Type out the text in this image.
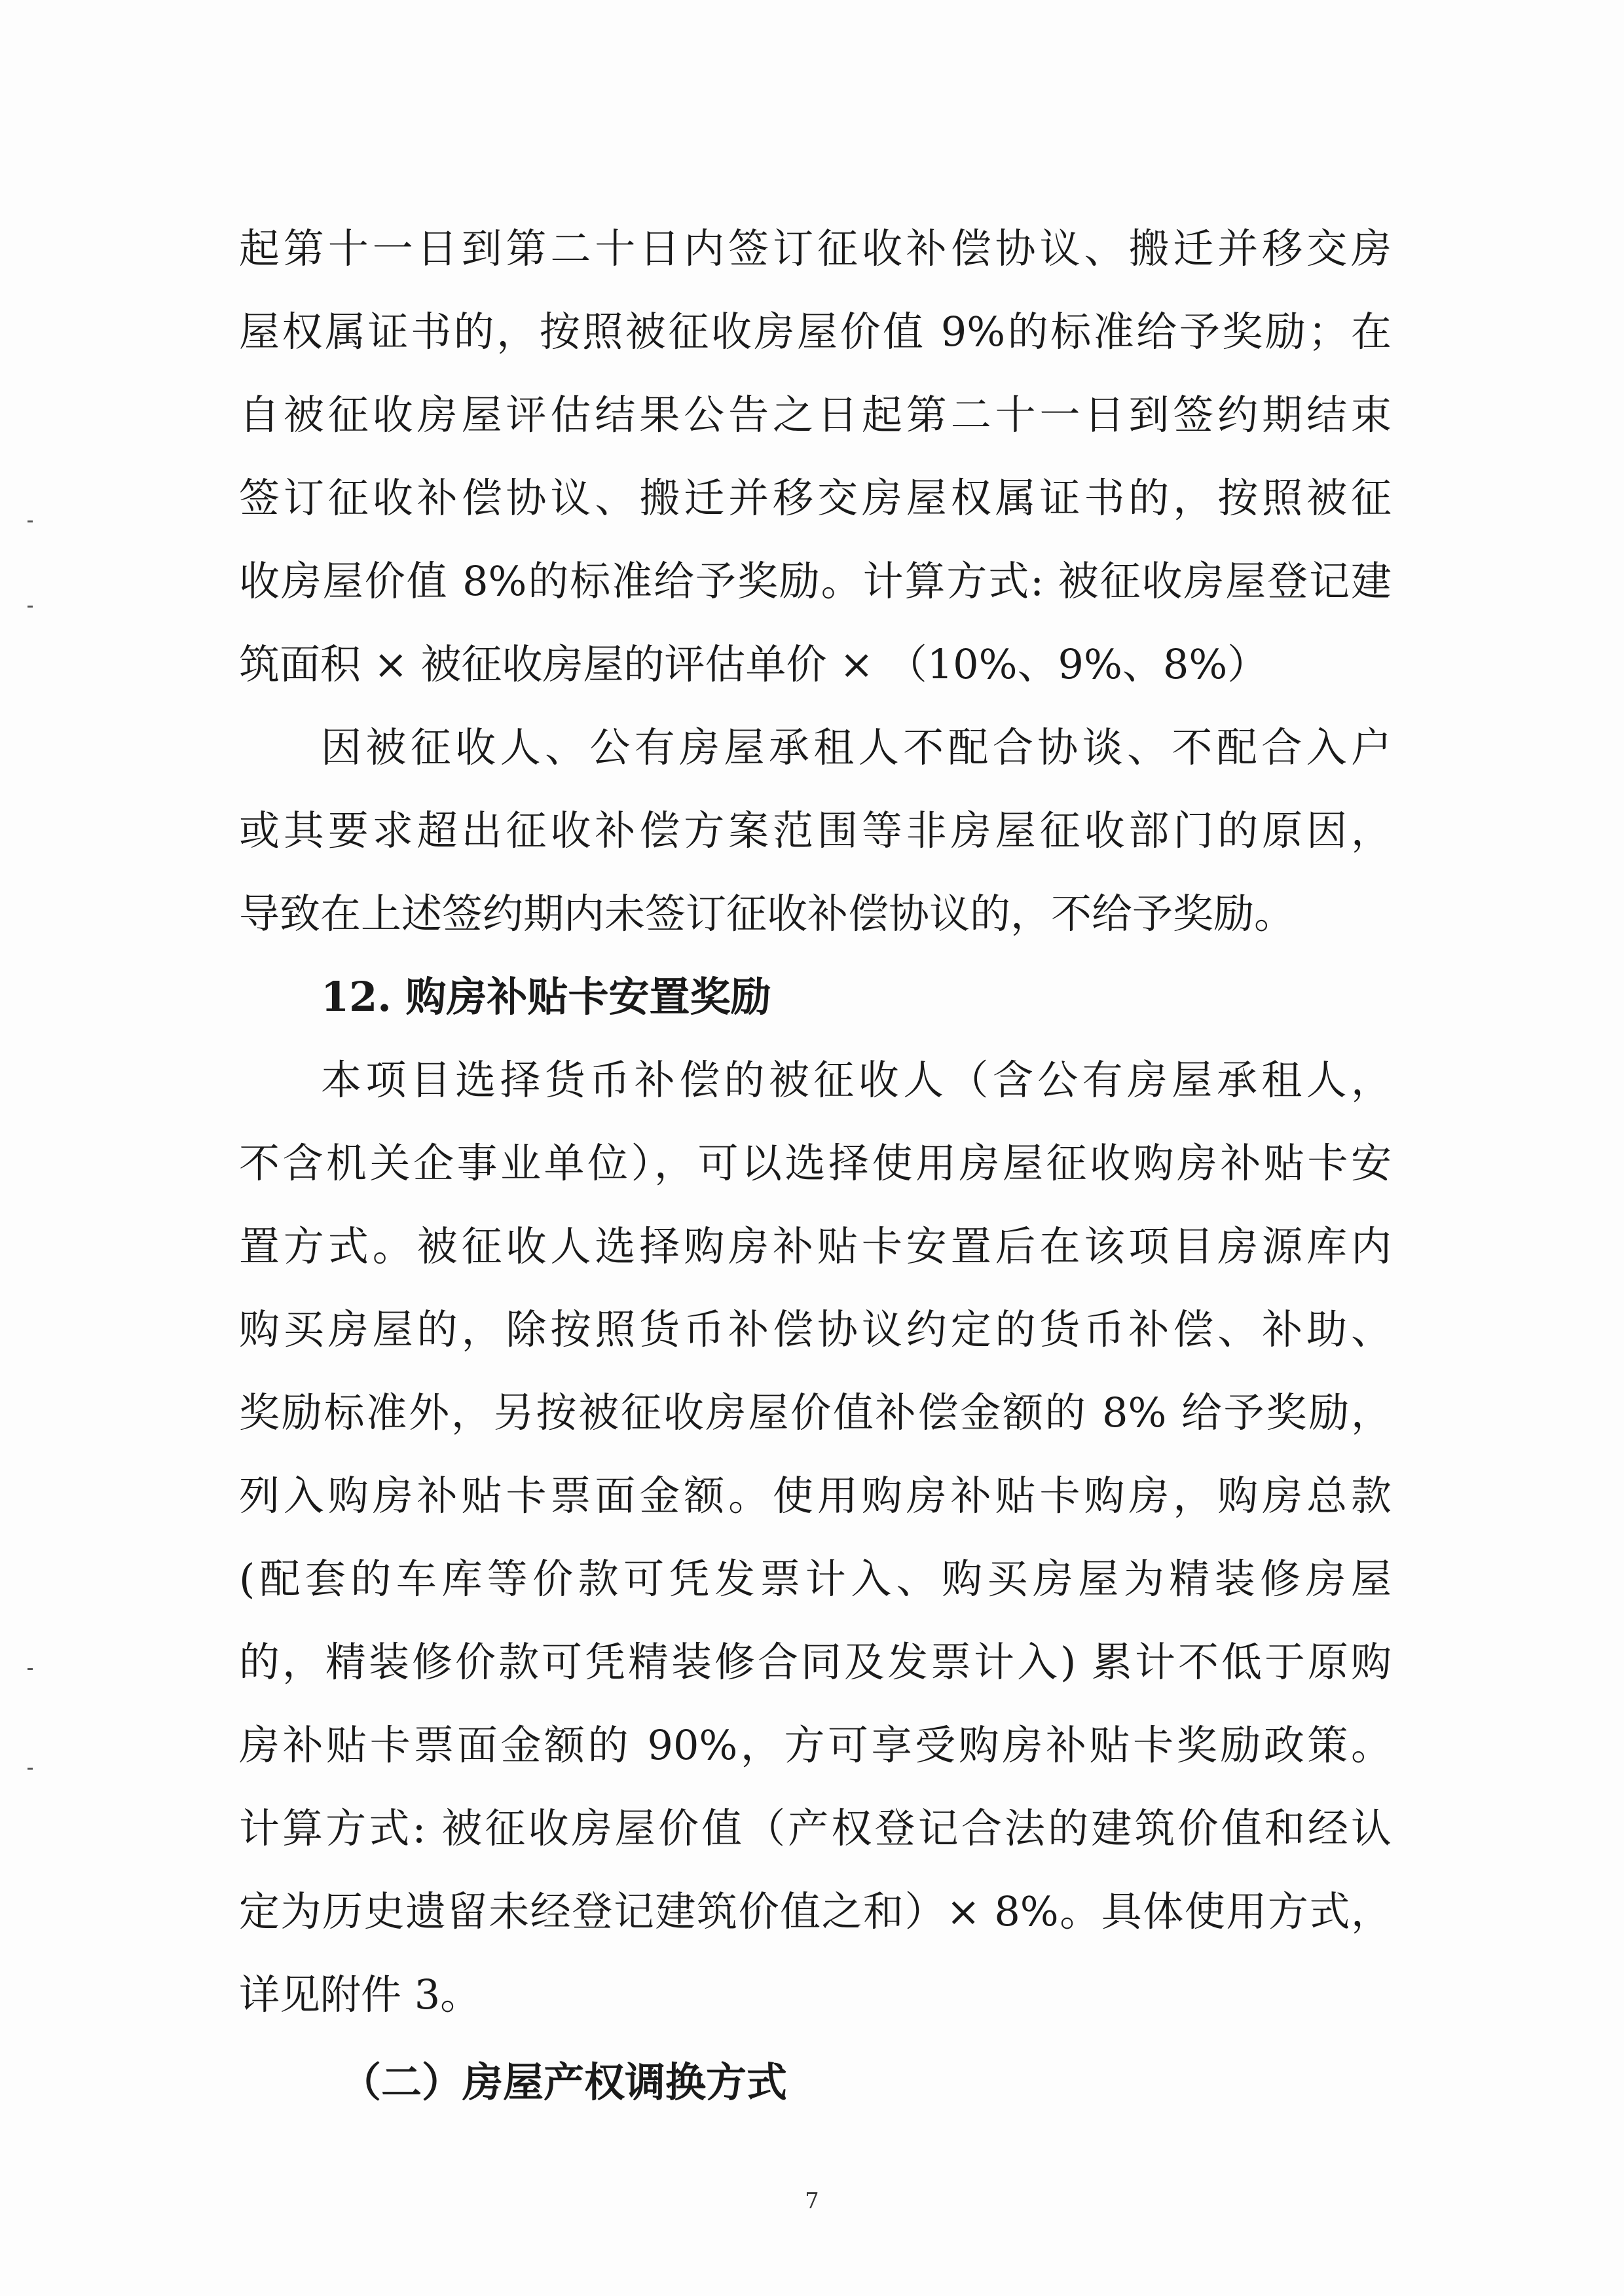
起第十一日到第二十日内签订征收补偿协议、搬迁并移交房
屋权属证书的，按照被征收房屋价值 9%的标准给予奖励；在
自被征收房屋评估结果公告之日起第二十一日到签约期结束
签订征收补偿协议、搬迁并移交房屋权属证书的，按照被征
收房屋价值 8%的标准给予奖励。计算方式: 被征收房屋登记建
筑面积 × 被征收房屋的评估单价 × （10%、9%、8%）
因被征收人、公有房屋承租人不配合协谈、不配合入户
或其要求超出征收补偿方案范围等非房屋征收部门的原因，
导致在上述签约期内未签订征收补偿协议的，不给予奖励。
12. 购房补贴卡安置奖励
本项目选择货币补偿的被征收人（含公有房屋承租人，
不含机关企事业单位），可以选择使用房屋征收购房补贴卡安
置方式。被征收人选择购房补贴卡安置后在该项目房源库内
购买房屋的，除按照货币补偿协议约定的货币补偿、补助、
奖励标准外，另按被征收房屋价值补偿金额的 8% 给予奖励，
列入购房补贴卡票面金额。使用购房补贴卡购房，购房总款
(配套的车库等价款可凭发票计入、购买房屋为精装修房屋
的，精装修价款可凭精装修合同及发票计入) 累计不低于原购
房补贴卡票面金额的 90%，方可享受购房补贴卡奖励政策。
计算方式: 被征收房屋价值（产权登记合法的建筑价值和经认
定为历史遗留未经登记建筑价值之和）× 8%。具体使用方式，
详见附件 3。
（二）房屋产权调换方式
7
